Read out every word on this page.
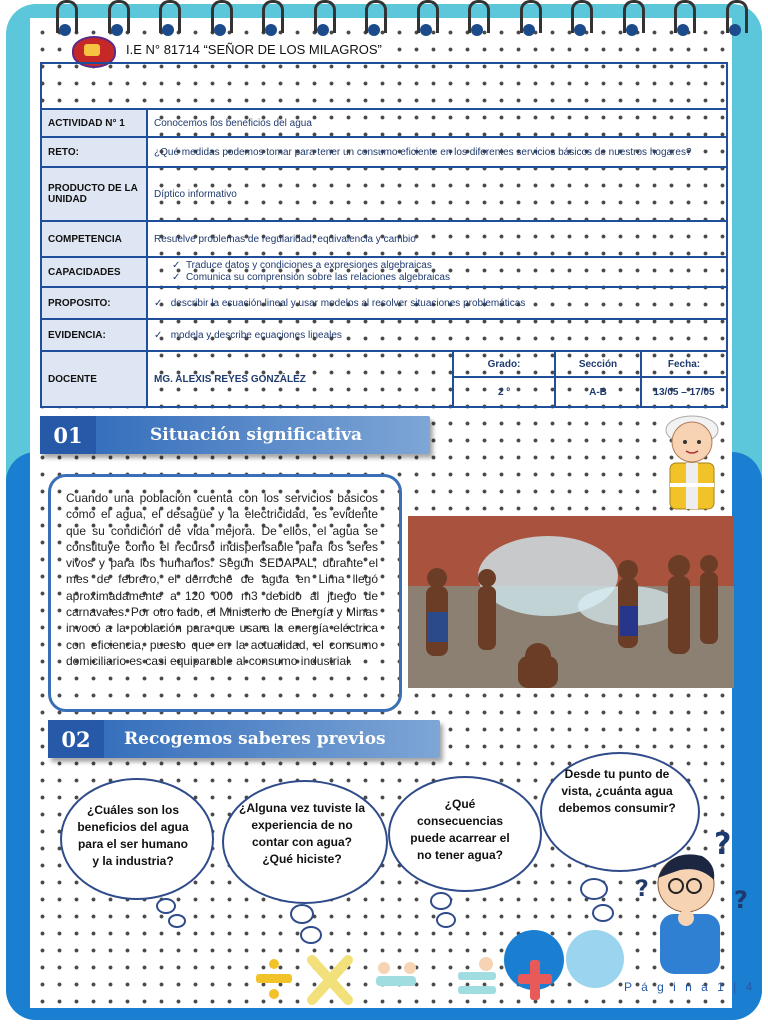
I.E N° 81714 “SEÑOR DE LOS MILAGROS”

ACTIVIDAD N° 1	Conocemos los beneficios del agua			
RETO:	¿Qué medidas podemos tomar para tener un consumo eficiente en los diferentes servicios básicos de nuestros hogares?			
PRODUCTO DE LA UNIDAD	Díptico informativo			
COMPETENCIA	Resuelve problemas de regularidad, equivalencia y cambio			
CAPACIDADES	✓  Traduce datos y condiciones a expresiones algebraicas
✓  Comunica su comprensión sobre las relaciones algebraicas			

PROPOSITO:	✓   describir la ecuación lineal y usar modelos al resolver situaciones problemáticas			
EVIDENCIA:	✓   modela y describe ecuaciones lineales			
DOCENTE	MG. ALEXIS REYES GONZÁLEZ	Grado:	Sección	Fecha:
		2 º	A-B	13/05 – 17/05
01	Situación significativa
Cuando una población cuenta con los servicios básicos como el agua, el desagüe y la electricidad, es evidente que su condición de vida mejora. De ellos, el agua se constituye como el recurso indispensable para los seres vivos y para los humanos. Según SEDAPAL, durante el mes de febrero, el derroche de agua en Lima llegó aproximadamente a 120 000 m3 debido al juego de carnavales. Por otro lado, el Ministerio de Energía y Minas invocó a la población para que usara la energía eléctrica con eficiencia, puesto que en la actualidad, el consumo domiciliario es casi equiparable al consumo industrial.
02	Recogemos saberes previos
¿Cuáles son los beneficios del agua para el ser humano y la industria?
¿Alguna vez tuviste la experiencia de no contar con agua? ¿Qué hiciste?
¿Qué consecuencias puede acarrear el no tener agua?
Desde tu punto de vista, ¿cuánta agua debemos consumir?
?
?
?
P á g i n a 1 | 4
